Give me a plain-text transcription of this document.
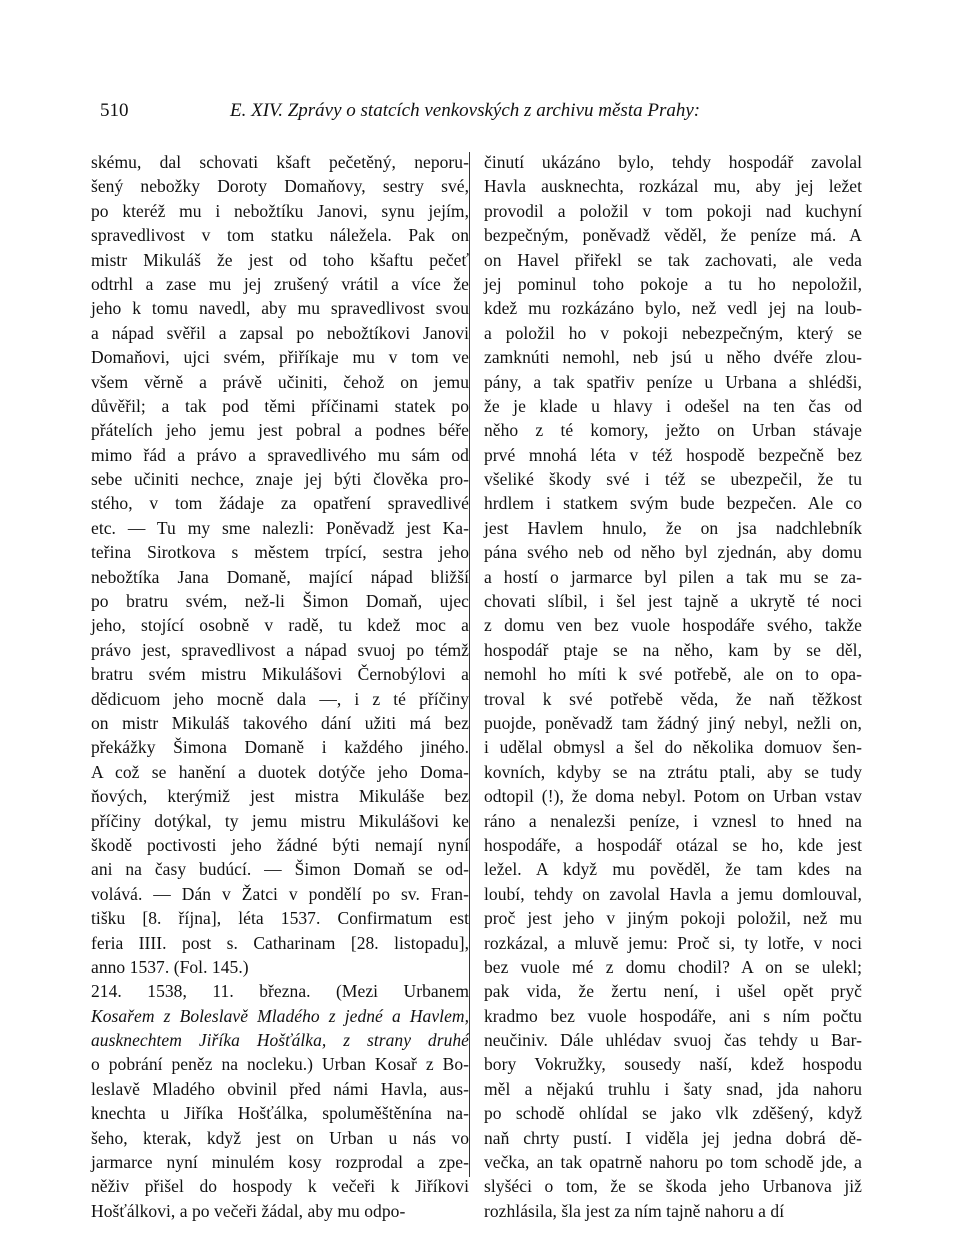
510	E. XIV. Zprávy o statcích venkovských z archivu města Prahy:
skému, dal schovati kšaft pečetěný, neporu-
šený nebožky Doroty Domaňovy, sestry své,
po kteréž mu i nebožtíku Janovi, synu jejím,
spravedlivost v tom statku náležela. Pak on
mistr Mikuláš že jest od toho kšaftu pečeť
odtrhl a zase mu jej zrušený vrátil a více že
jeho k tomu navedl, aby mu spravedlivost svou
a nápad svěřil a zapsal po nebožtíkovi Janovi
Domaňovi, ujci svém, přiříkaje mu v tom ve
všem věrně a právě učiniti, čehož on jemu
důvěřil; a tak pod těmi příčinami statek po
přátelích jeho jemu jest pobral a podnes béře
mimo řád a právo a spravedlivého mu sám od
sebe učiniti nechce, znaje jej býti člověka pro-
stého, v tom žádaje za opatření spravedlivé
etc. — Tu my sme nalezli: Poněvadž jest Ka-
teřina Sirotkova s městem trpící, sestra jeho
nebožtíka Jana Domaně, mající nápad bližší
po bratru svém, než-li Šimon Domaň, ujec
jeho, stojící osobně v radě, tu kdež moc a
právo jest, spravedlivost a nápad svuoj po témž
bratru svém mistru Mikulášovi Černobýlovi a
dědicuom jeho mocně dala —, i z té příčiny
on mistr Mikuláš takového dání užiti má bez
překážky Šimona Domaně i každého jiného.
A což se hanění a duotek dotýče jeho Doma-
ňových, kterýmiž jest mistra Mikuláše bez
příčiny dotýkal, ty jemu mistru Mikulášovi ke
škodě poctivosti jeho žádné býti nemají nyní
ani na časy budúcí. — Šimon Domaň se od-
volává. — Dán v Žatci v pondělí po sv. Fran-
tišku [8. října], léta 1537. Confirmatum est
feria IIII. post s. Catharinam [28. listopadu],
anno 1537. (Fol. 145.)
214. 1538, 11. března. (Mezi Urbanem
Kosařem z Boleslavě Mladého z jedné a Havlem,
ausknechtem Jiříka Hošťálka, z strany druhé
o pobrání peněz na nocleku.) Urban Kosař z Bo-
leslavě Mladého obvinil před námi Havla, aus-
knechta u Jiříka Hošťálka, spoluměštěnína na-
šeho, kterak, když jest on Urban u nás vo
jarmarce nyní minulém kosy rozprodal a zpe-
něživ přišel do hospody k večeři k Jiříkovi
Hošťálkovi, a po večeři žádal, aby mu odpo-
činutí ukázáno bylo, tehdy hospodář zavolal
Havla ausknechta, rozkázal mu, aby jej ležet
provodil a položil v tom pokoji nad kuchyní
bezpečným, poněvadž věděl, že peníze má. A
on Havel přiřekl se tak zachovati, ale veda
jej pominul toho pokoje a tu ho nepoložil,
kdež mu rozkázáno bylo, než vedl jej na loub-
a položil ho v pokoji nebezpečným, který se
zamknúti nemohl, neb jsú u něho dvéře zlou-
pány, a tak spatřiv peníze u Urbana a shlédši,
že je klade u hlavy i odešel na ten čas od
něho z té komory, ježto on Urban stávaje
prvé mnohá léta v též hospodě bezpečně bez
všeliké škody své i též se ubezpečil, že tu
hrdlem i statkem svým bude bezpečen. Ale co
jest Havlem hnulo, že on jsa nadchlebník
pána svého neb od něho byl zjednán, aby domu
a hostí o jarmarce byl pilen a tak mu se za-
chovati slíbil, i šel jest tajně a ukrytě té noci
z domu ven bez vuole hospodáře svého, takže
hospodář ptaje se na něho, kam by se děl,
nemohl ho míti k své potřebě, ale on to opa-
troval k své potřebě věda, že naň těžkost
puojde, poněvadž tam žádný jiný nebyl, nežli on,
i udělal obmysl a šel do několika domuov šen-
kovních, kdyby se na ztrátu ptali, aby se tudy
odtopil (!), že doma nebyl. Potom on Urban vstav
ráno a nenalezši peníze, i vznesl to hned na
hospodáře, a hospodář otázal se ho, kde jest
ležel. A když mu pověděl, že tam kdes na
loubí, tehdy on zavolal Havla a jemu domlouval,
proč jest jeho v jiným pokoji položil, než mu
rozkázal, a mluvě jemu: Proč si, ty lotře, v noci
bez vuole mé z domu chodil? A on se ulekl;
pak vida, že žertu není, i ušel opět pryč
kradmo bez vuole hospodáře, ani s ním počtu
neučiniv. Dále uhlédav svuoj čas tehdy u Bar-
bory Vokružky, sousedy naší, kdež hospodu
měl a nějakú truhlu i šaty snad, jda nahoru
po schodě ohlídal se jako vlk zděšený, když
naň chrty pustí. I viděla jej jedna dobrá dě-
večka, an tak opatrně nahoru po tom schodě jde, a
slyšéci o tom, že se škoda jeho Urbanova již
rozhlásila, šla jest za ním tajně nahoru a dí
